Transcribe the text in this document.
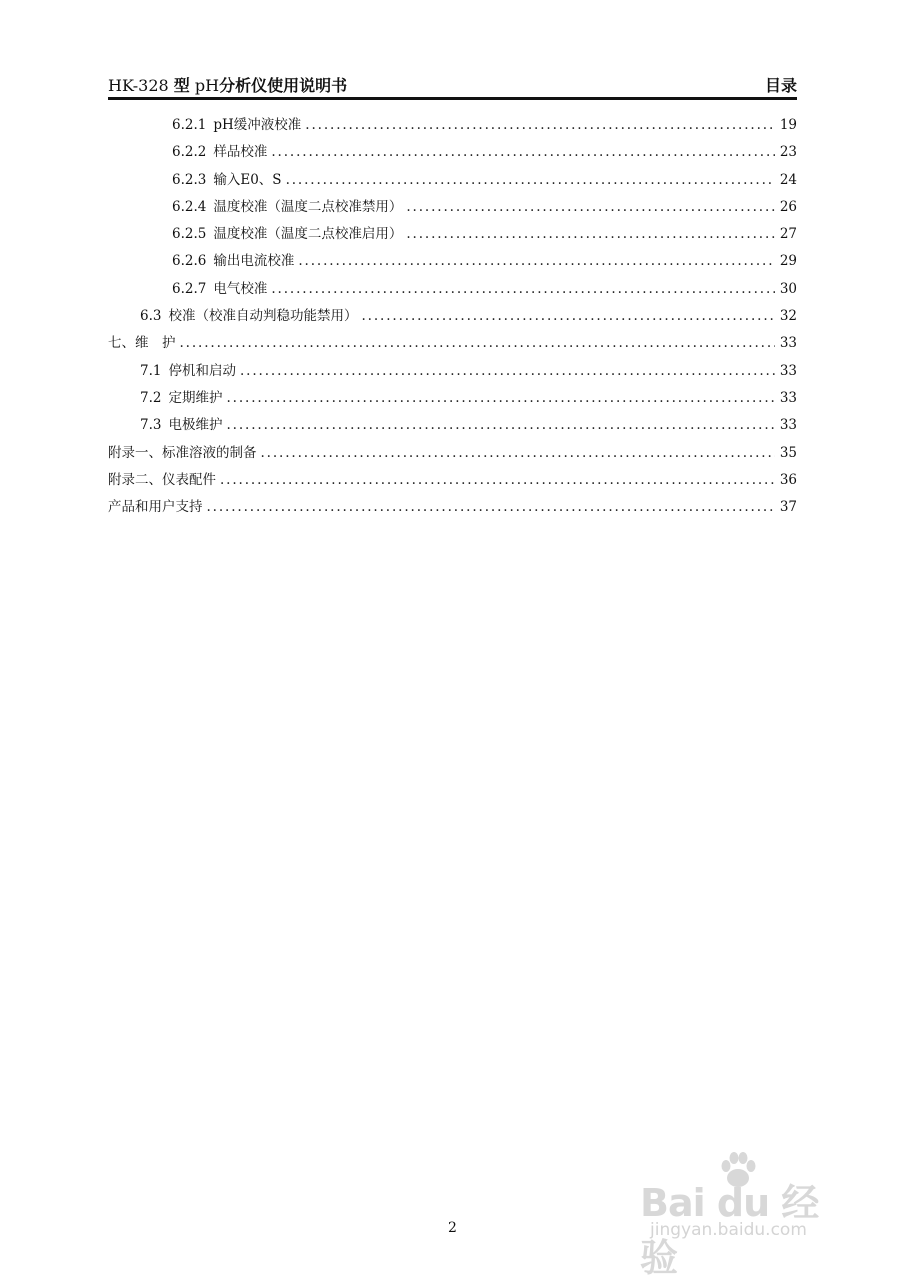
HK-328 型 pH分析仪使用说明书	目录
6.2.1 pH缓冲液校准 . . .	19
6.2.2 样品校准 . . .	23
6.2.3 输入E0、S . . .	24
6.2.4 温度校准（温度二点校准禁用） . . .	26
6.2.5 温度校准（温度二点校准启用） . . .	27
6.2.6 输出电流校准 . . .	29
6.2.7 电气校准 . . .	30
6.3 校准（校准自动判稳功能禁用） . . .	32
七、维　护 . . .	33
7.1 停机和启动 . . .	33
7.2 定期维护 . . .	33
7.3 电极维护 . . .	33
附录一、标准溶液的制备 . . .	35
附录二、仪表配件 . . .	36
产品和用户支持 . . .	37
2
Bai du 经验
jingyan.baidu.com
